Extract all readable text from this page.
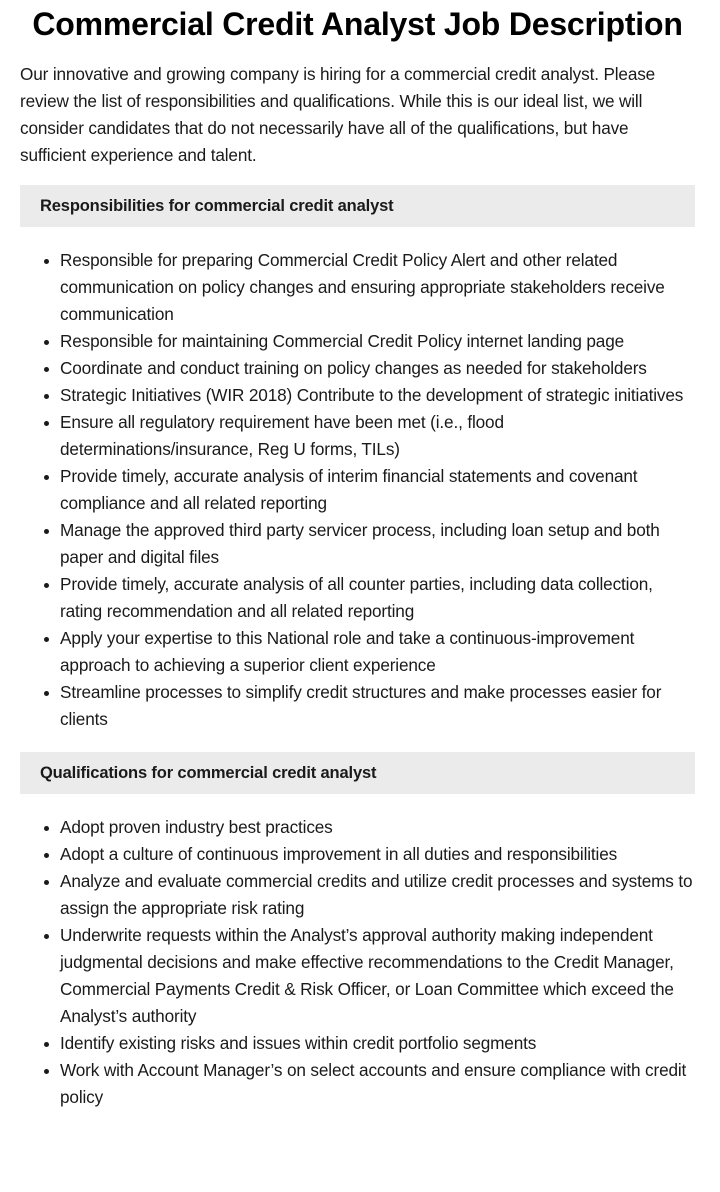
Commercial Credit Analyst Job Description

Our innovative and growing company is hiring for a commercial credit analyst. Please review the list of responsibilities and qualifications. While this is our ideal list, we will consider candidates that do not necessarily have all of the qualifications, but have sufficient experience and talent.

Responsibilities for commercial credit analyst
Responsible for preparing Commercial Credit Policy Alert and other related communication on policy changes and ensuring appropriate stakeholders receive communication
Responsible for maintaining Commercial Credit Policy internet landing page
Coordinate and conduct training on policy changes as needed for stakeholders
Strategic Initiatives (WIR 2018) Contribute to the development of strategic initiatives
Ensure all regulatory requirement have been met (i.e., flood determinations/insurance, Reg U forms, TILs)
Provide timely, accurate analysis of interim financial statements and covenant compliance and all related reporting
Manage the approved third party servicer process, including loan setup and both paper and digital files
Provide timely, accurate analysis of all counter parties, including data collection, rating recommendation and all related reporting
Apply your expertise to this National role and take a continuous-improvement approach to achieving a superior client experience
Streamline processes to simplify credit structures and make processes easier for clients
Qualifications for commercial credit analyst
Adopt proven industry best practices
Adopt a culture of continuous improvement in all duties and responsibilities
Analyze and evaluate commercial credits and utilize credit processes and systems to assign the appropriate risk rating
Underwrite requests within the Analyst’s approval authority making independent judgmental decisions and make effective recommendations to the Credit Manager, Commercial Payments Credit & Risk Officer, or Loan Committee which exceed the Analyst’s authority
Identify existing risks and issues within credit portfolio segments
Work with Account Manager’s on select accounts and ensure compliance with credit policy
